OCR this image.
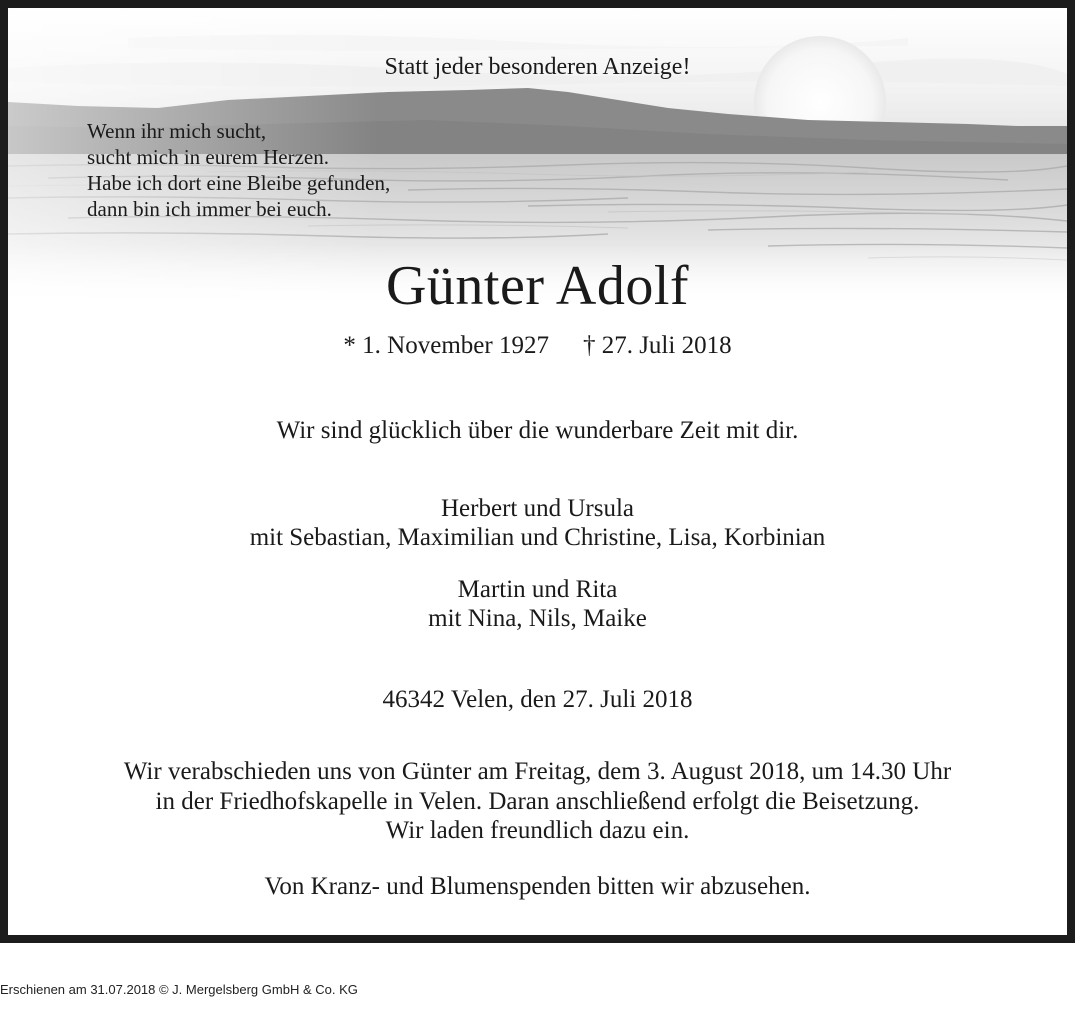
Statt jeder besonderen Anzeige!
Wenn ihr mich sucht,
sucht mich in eurem Herzen.
Habe ich dort eine Bleibe gefunden,
dann bin ich immer bei euch.
Günter Adolf
* 1. November 1927 † 27. Juli 2018
Wir sind glücklich über die wunderbare Zeit mit dir.
Herbert und Ursula
mit Sebastian, Maximilian und Christine, Lisa, Korbinian
Martin und Rita
mit Nina, Nils, Maike
46342 Velen, den 27. Juli 2018
Wir verabschieden uns von Günter am Freitag, dem 3. August 2018, um 14.30 Uhr
in der Friedhofskapelle in Velen. Daran anschließend erfolgt die Beisetzung.
Wir laden freundlich dazu ein.
Von Kranz- und Blumenspenden bitten wir abzusehen.
Erschienen am 31.07.2018 © J. Mergelsberg GmbH & Co. KG
